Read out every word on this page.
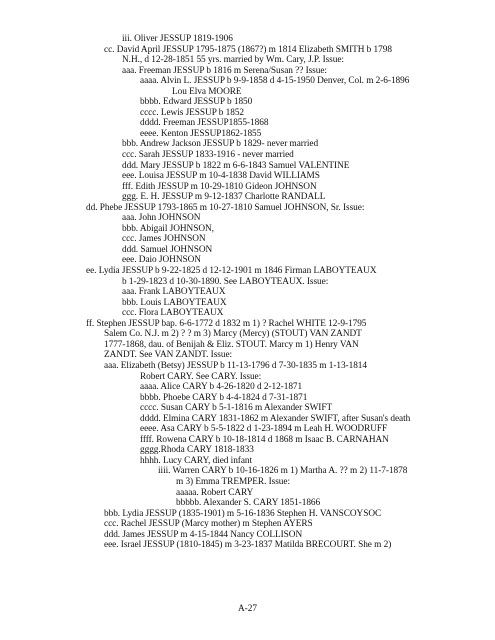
iii. Oliver JESSUP 1819-1906
cc. David April JESSUP 1795-1875 (1867?) m 1814 Elizabeth SMITH b 1798
N.H., d 12-28-1851 55 yrs. married by Wm. Cary, J.P. Issue:
aaa. Freeman JESSUP b 1816 m Serena/Susan ?? Issue:
aaaa. Alvin L. JESSUP b 9-9-1858 d 4-15-1950 Denver, Col. m 2-6-1896
Lou Elva MOORE
bbbb. Edward JESSUP b 1850
cccc. Lewis JESSUP b 1852
dddd. Freeman JESSUP1855-1868
eeee. Kenton JESSUP1862-1855
bbb. Andrew Jackson JESSUP b 1829- never married
ccc. Sarah JESSUP 1833-1916 - never married
ddd. Mary JESSUP b 1822 m 6-6-1843 Samuel VALENTINE
eee. Louisa JESSUP m 10-4-1838 David WILLIAMS
fff. Edith JESSUP m 10-29-1810 Gideon JOHNSON
ggg. E. H. JESSUP m 9-12-1837 Charlotte RANDALL
dd. Phebe JESSUP 1793-1865 m 10-27-1810 Samuel JOHNSON, Sr. Issue:
aaa. John JOHNSON
bbb. Abigail JOHNSON,
ccc. James JOHNSON
ddd. Samuel JOHNSON
eee. Daio JOHNSON
ee. Lydia JESSUP b 9-22-1825 d 12-12-1901 m 1846 Firman LABOYTEAUX
b 1-29-1823 d 10-30-1890. See LABOYTEAUX. Issue:
aaa. Frank LABOYTEAUX
bbb. Louis LABOYTEAUX
ccc. Flora LABOYTEAUX
ff. Stephen JESSUP bap. 6-6-1772 d 1832 m 1) ? Rachel WHITE 12-9-1795
Salem Co. N.J. m 2) ? ? m 3) Marcy (Mercy) (STOUT) VAN ZANDT
1777-1868, dau. of Benijah & Eliz. STOUT. Marcy m 1) Henry VAN
ZANDT. See VAN ZANDT. Issue:
aaa. Elizabeth (Betsy) JESSUP b 11-13-1796 d 7-30-1835 m 1-13-1814
Robert CARY. See CARY. Issue:
aaaa. Alice CARY b 4-26-1820 d 2-12-1871
bbbb. Phoebe CARY b 4-4-1824 d 7-31-1871
cccc. Susan CARY b 5-1-1816 m Alexander SWIFT
dddd. Elmina CARY 1831-1862 m Alexander SWIFT, after Susan's death
eeee. Asa CARY b 5-5-1822 d 1-23-1894 m Leah H. WOODRUFF
ffff. Rowena CARY b 10-18-1814 d 1868 m Isaac B. CARNAHAN
gggg.Rhoda CARY 1818-1833
hhhh. Lucy CARY, died infant
iiii. Warren CARY b 10-16-1826 m 1) Martha A. ?? m 2) 11-7-1878
m 3) Emma TREMPER. Issue:
aaaaa. Robert CARY
bbbbb. Alexander S. CARY 1851-1866
bbb. Lydia JESSUP (1835-1901) m 5-16-1836 Stephen H. VANSCOYSOC
ccc. Rachel JESSUP (Marcy mother) m Stephen AYERS
ddd. James JESSUP m 4-15-1844 Nancy COLLISON
eee. Israel JESSUP (1810-1845) m 3-23-1837 Matilda BRECOURT. She m 2)
A-27
